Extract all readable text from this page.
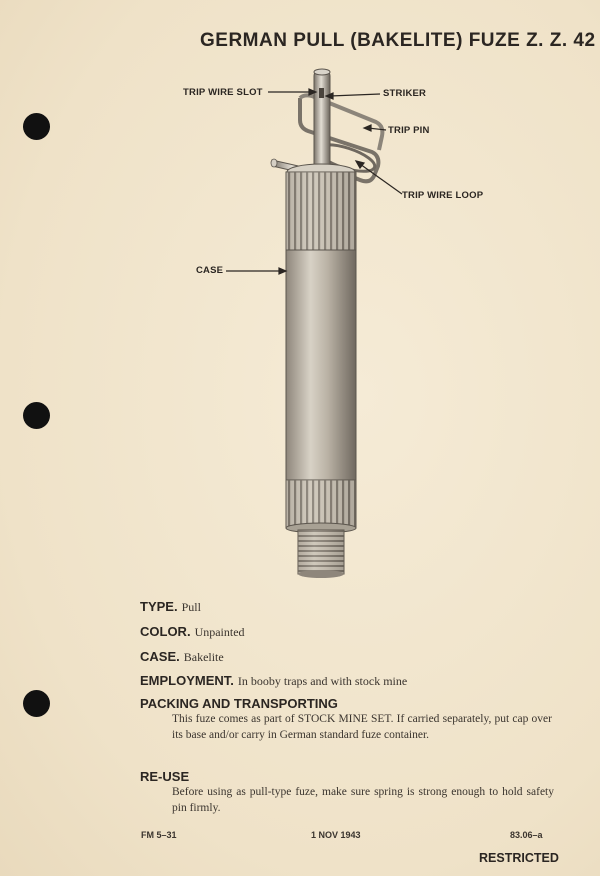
GERMAN PULL (BAKELITE) FUZE Z. Z. 42
TRIP WIRE SLOT	STRIKER
TRIP PIN
TRIP WIRE LOOP
CASE
TYPE. Pull
COLOR. Unpainted
CASE. Bakelite
EMPLOYMENT. In booby traps and with stock mine
PACKING AND TRANSPORTING
This fuze comes as part of STOCK MINE SET. If carried separately, put cap over its base and/or carry in German standard fuze container.
RE-USE
Before using as pull-type fuze, make sure spring is strong enough to hold safety pin firmly.
FM 5–31	1 NOV 1943	83.06–a
RESTRICTED
